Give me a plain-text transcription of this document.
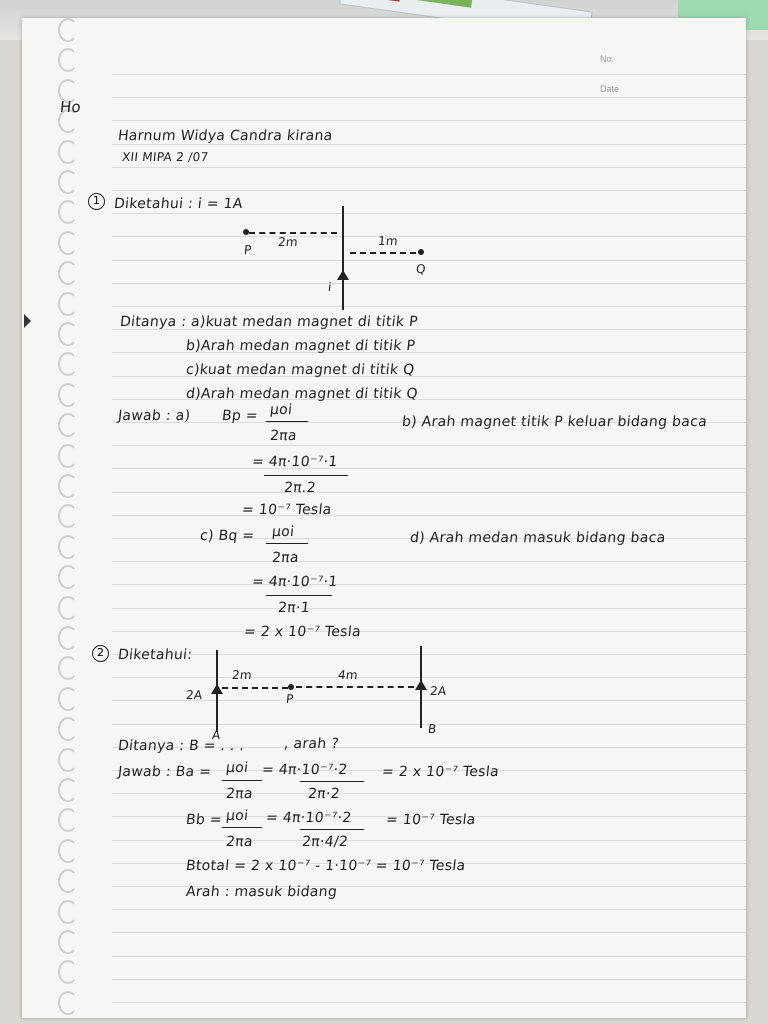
No.
Date
Ho
Harnum Widya Candra kirana
XII MIPA 2 /07
1 Diketahui : i = 1A
P
2m	1m
Q
i
Ditanya : a)kuat medan magnet di titik P
b)Arah medan magnet di titik P
c)kuat medan magnet di titik Q
d)Arah medan magnet di titik Q
Jawab : a) Bp = μoi
2πa
= 4π·10⁻⁷·1
2π.2
= 10⁻⁷ Tesla
b) Arah magnet titik P keluar bidang baca
c) Bq = μoi
2πa
= 4π·10⁻⁷·1
2π·1
= 2 x 10⁻⁷ Tesla
d) Arah medan masuk bidang baca
2 Diketahui:
2m	4m
2A	2A
P
A	B
Ditanya : B = . . .	, arah ?
Jawab : Ba = μoi
2πa
= 4π·10⁻⁷·2
2π·2
= 2 x 10⁻⁷ Tesla
Bb = μoi
2πa
= 4π·10⁻⁷·2
2π·4/2
= 10⁻⁷ Tesla
Btotal = 2 x 10⁻⁷ - 1·10⁻⁷ = 10⁻⁷ Tesla
Arah : masuk bidang
